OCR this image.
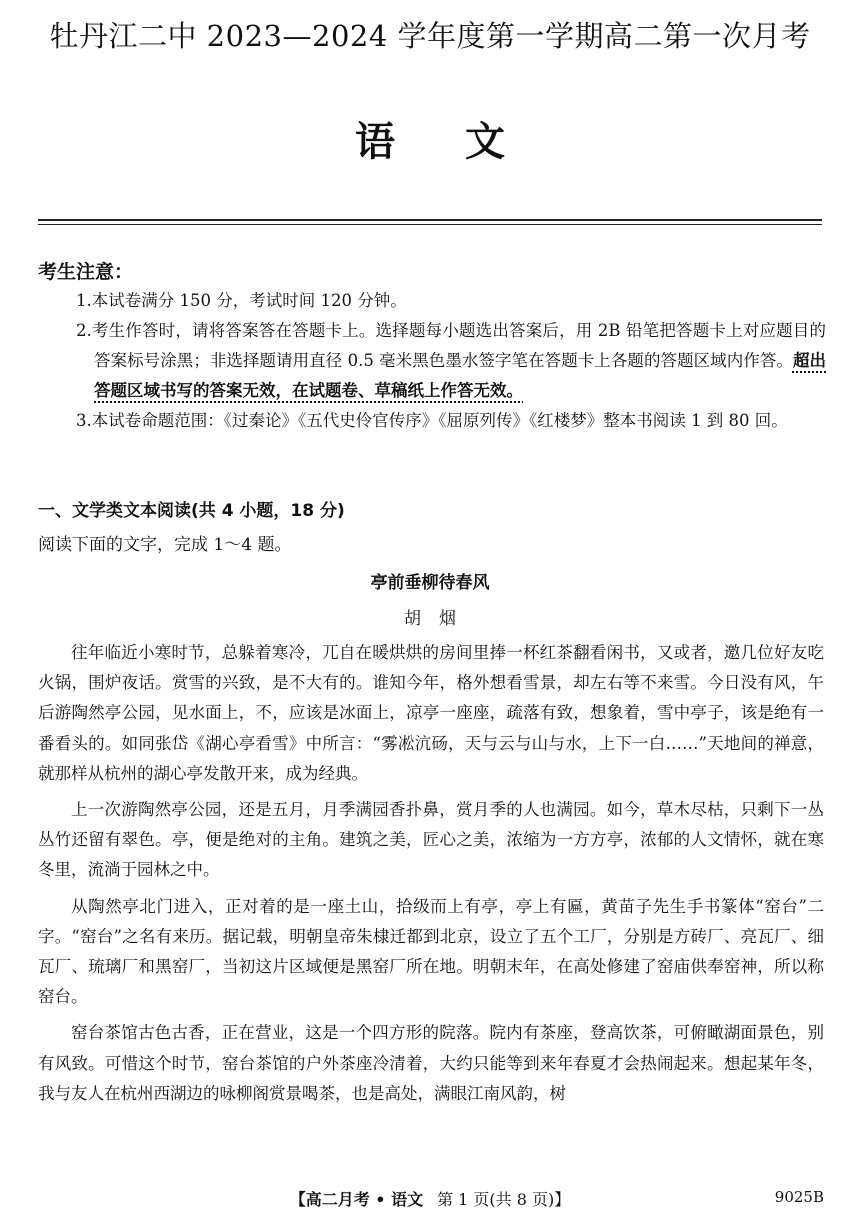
牡丹江二中 2023—2024 学年度第一学期高二第一次月考
语文
考生注意：
1.本试卷满分 150 分，考试时间 120 分钟。
2.考生作答时，请将答案答在答题卡上。选择题每小题选出答案后，用 2B 铅笔把答题卡上对应题目的答案标号涂黑；非选择题请用直径 0.5 毫米黑色墨水签字笔在答题卡上各题的答题区域内作答。超出答题区域书写的答案无效，在试题卷、草稿纸上作答无效。
3.本试卷命题范围：《过秦论》《五代史伶官传序》《屈原列传》《红楼梦》整本书阅读 1 到 80 回。
一、文学类文本阅读(共 4 小题，18 分)
阅读下面的文字，完成 1～4 题。
亭前垂柳待春风
胡烟

往年临近小寒时节，总躲着寒冷，兀自在暖烘烘的房间里捧一杯红茶翻看闲书，又或者，邀几位好友吃火锅，围炉夜话。赏雪的兴致，是不大有的。谁知今年，格外想看雪景，却左右等不来雪。今日没有风，午后游陶然亭公园，见水面上，不，应该是冰面上，凉亭一座座，疏落有致，想象着，雪中亭子，该是绝有一番看头的。如同张岱《湖心亭看雪》中所言：“雾凇沆砀，天与云与山与水，上下一白……”天地间的禅意，就那样从杭州的湖心亭发散开来，成为经典。

上一次游陶然亭公园，还是五月，月季满园香扑鼻，赏月季的人也满园。如今，草木尽枯，只剩下一丛丛竹还留有翠色。亭，便是绝对的主角。建筑之美，匠心之美，浓缩为一方方亭，浓郁的人文情怀，就在寒冬里，流淌于园林之中。

从陶然亭北门进入，正对着的是一座土山，拾级而上有亭，亭上有匾，黄苗子先生手书篆体“窑台”二字。“窑台”之名有来历。据记载，明朝皇帝朱棣迁都到北京，设立了五个工厂，分别是方砖厂、亮瓦厂、细瓦厂、琉璃厂和黑窑厂，当初这片区域便是黑窑厂所在地。明朝末年，在高处修建了窑庙供奉窑神，所以称窑台。

窑台茶馆古色古香，正在营业，这是一个四方形的院落。院内有茶座，登高饮茶，可俯瞰湖面景色，别有风致。可惜这个时节，窑台茶馆的户外茶座冷清着，大约只能等到来年春夏才会热闹起来。想起某年冬，我与友人在杭州西湖边的咏柳阁赏景喝茶，也是高处，满眼江南风韵，树

【高二月考 • 语文 第 1 页(共 8 页)】	9025B
